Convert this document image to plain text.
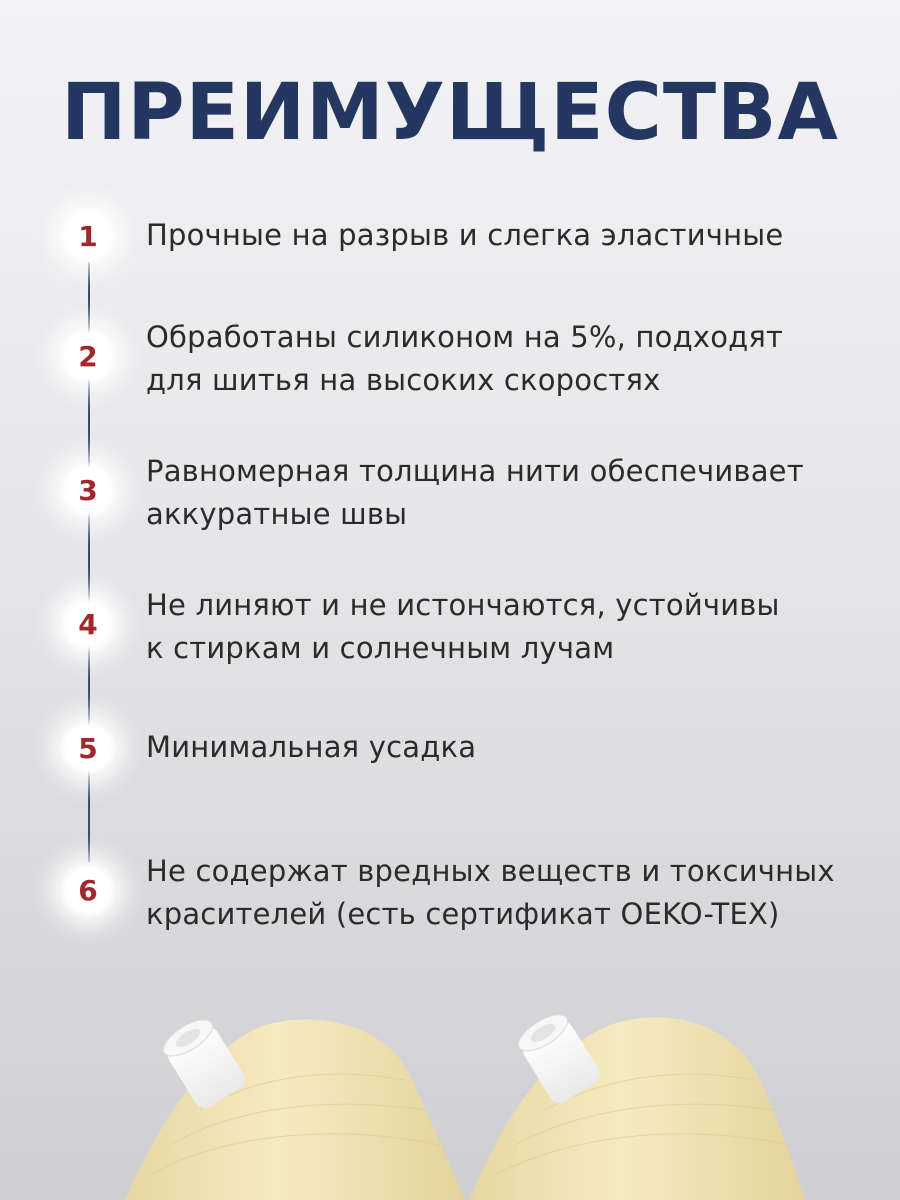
ПРЕИМУЩЕСТВА
1	Прочные на разрыв и слегка эластичные
2
Обработаны силиконом на 5%, подходят
для шитья на высоких скоростях
3
Равномерная толщина нити обеспечивает
аккуратные швы
4
Не линяют и не истончаются, устойчивы
к стиркам и солнечным лучам
5	Минимальная усадка
6
Не содержат вредных веществ и токсичных
красителей (есть сертификат OEKO-TEX)
